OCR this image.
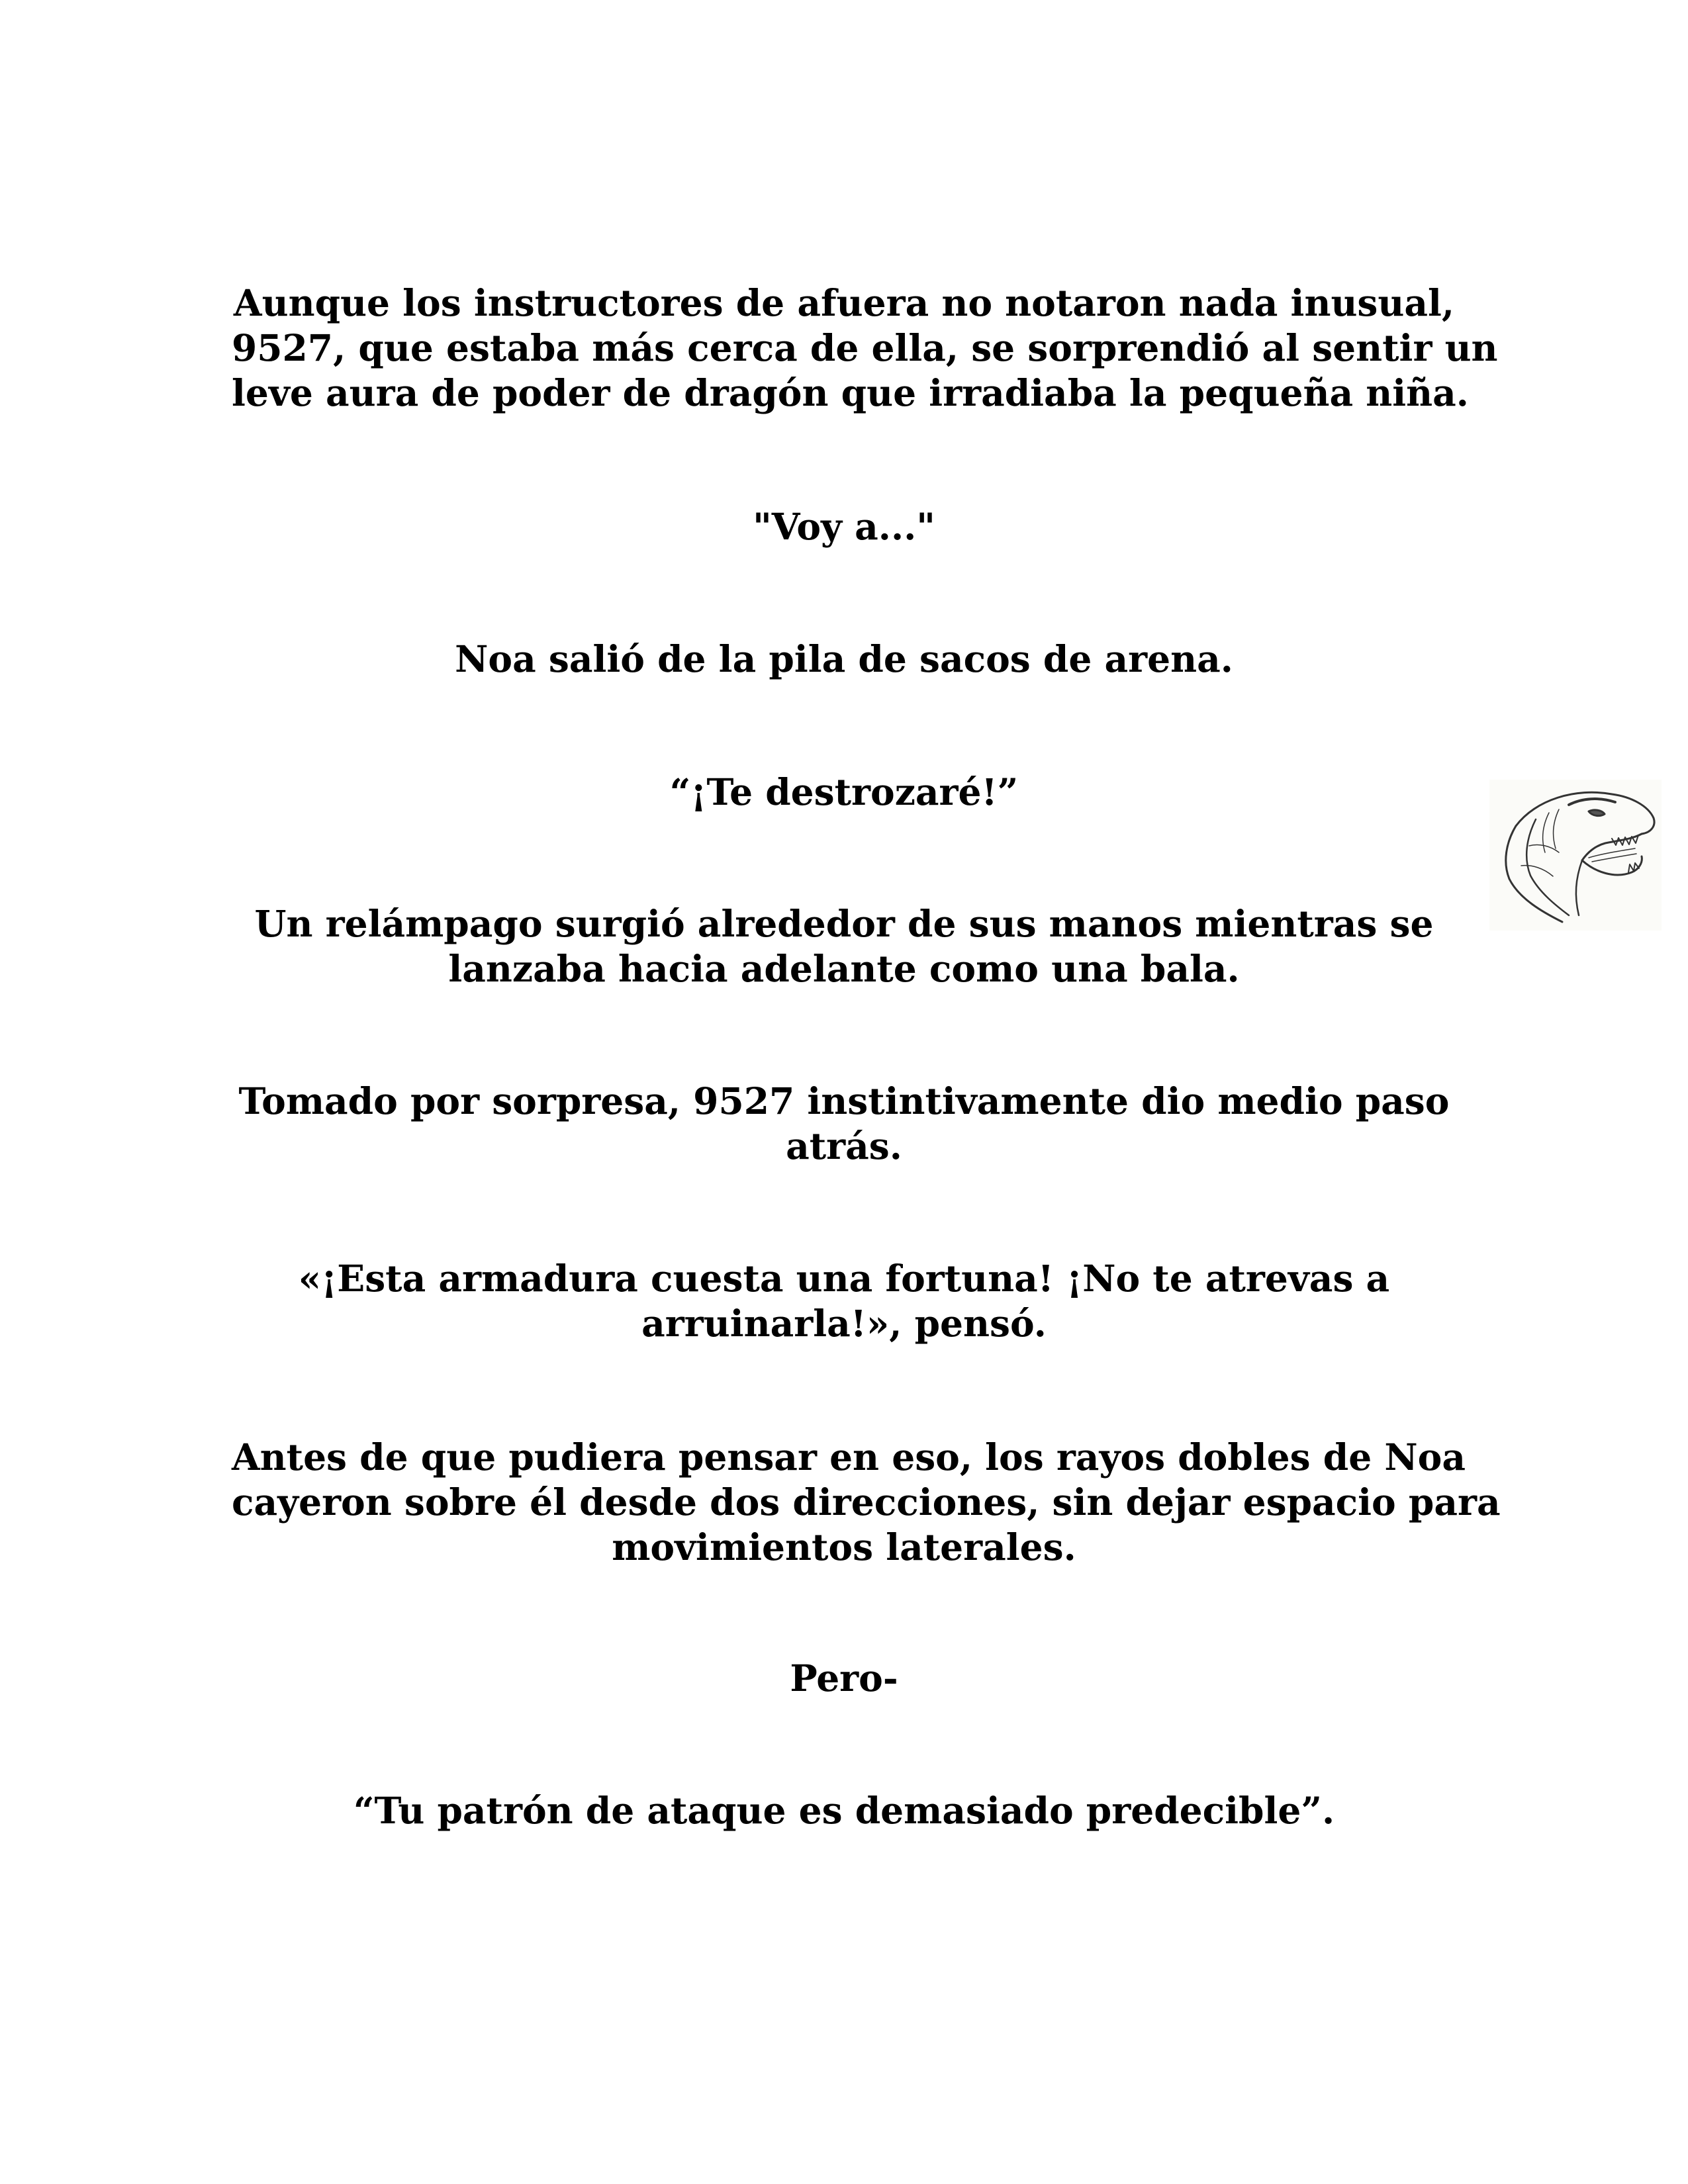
Aunque los instructores de afuera no notaron nada inusual,
9527, que estaba más cerca de ella, se sorprendió al sentir un
leve aura de poder de dragón que irradiaba la pequeña niña.

"Voy a..."

Noa salió de la pila de sacos de arena.

“¡Te destrozaré!”

Un relámpago surgió alrededor de sus manos mientras se
lanzaba hacia adelante como una bala.

Tomado por sorpresa, 9527 instintivamente dio medio paso
atrás.

«¡Esta armadura cuesta una fortuna! ¡No te atrevas a
arruinarla!», pensó.

Antes de que pudiera pensar en eso, los rayos dobles de Noa
cayeron sobre él desde dos direcciones, sin dejar espacio para
movimientos laterales.

Pero-

“Tu patrón de ataque es demasiado predecible”.
